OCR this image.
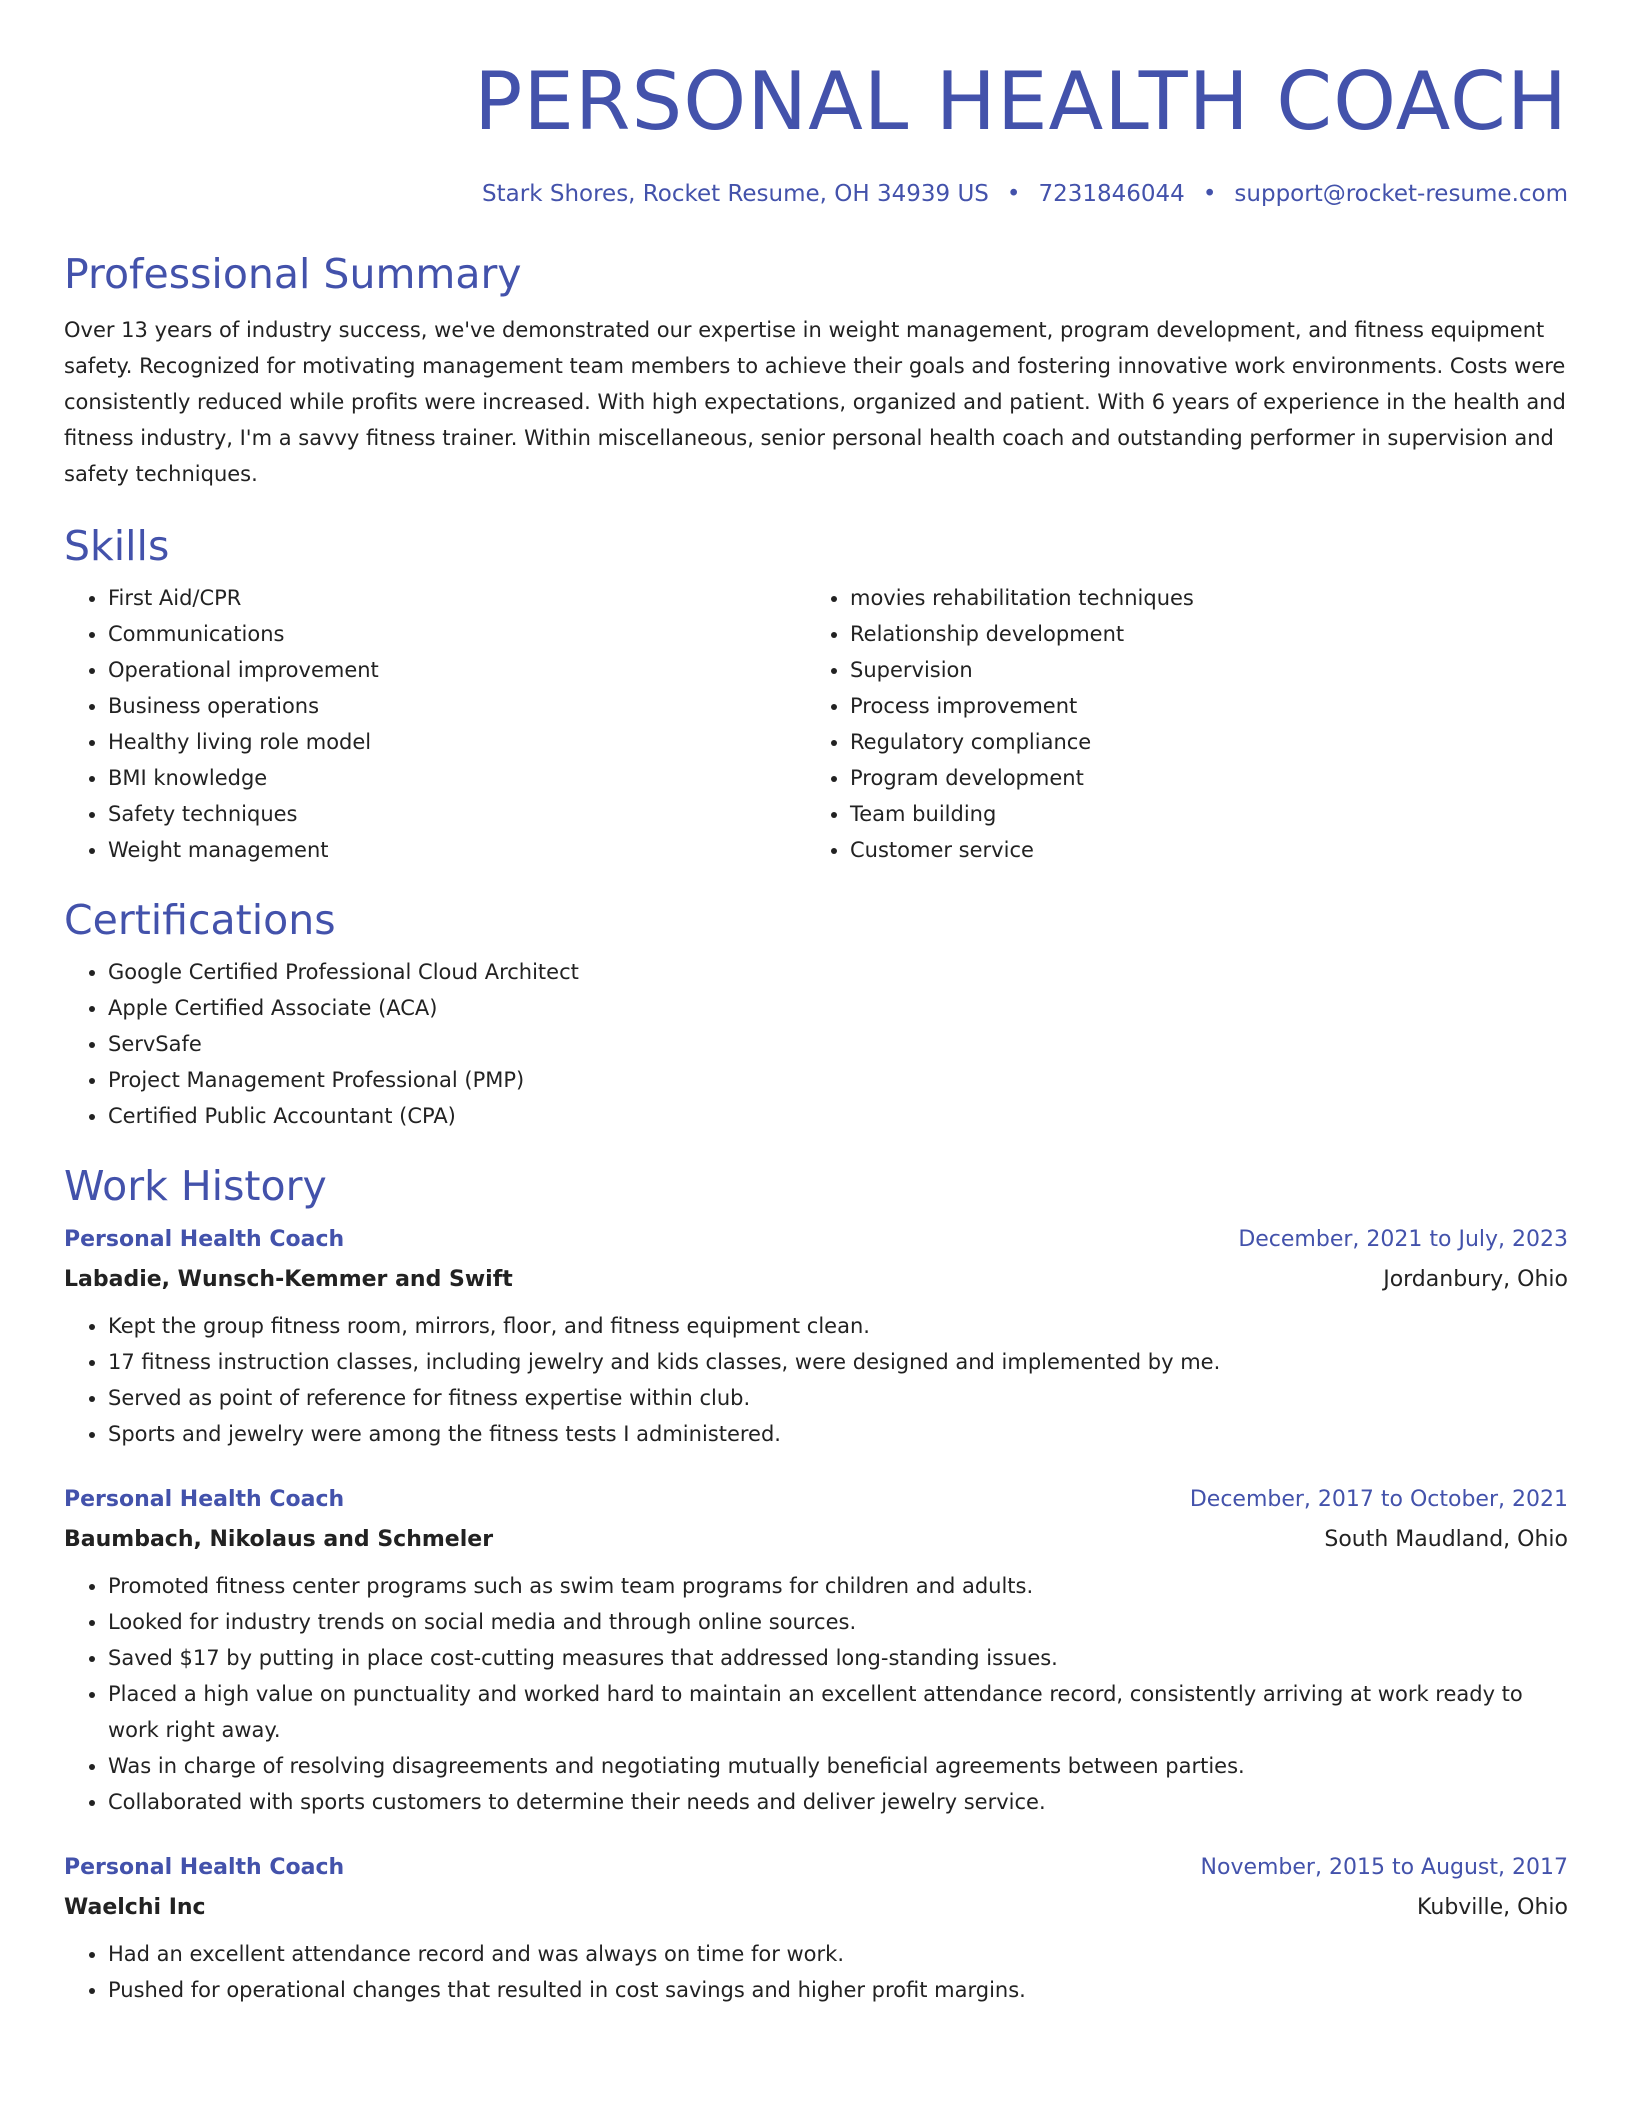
PERSONAL HEALTH COACH
Stark Shores, Rocket Resume, OH 34939 US • 7231846044 • support@rocket-resume.com
Professional Summary

Over 13 years of industry success, we've demonstrated our expertise in weight management, program development, and fitness equipment safety. Recognized for motivating management team members to achieve their goals and fostering innovative work environments. Costs were consistently reduced while profits were increased. With high expectations, organized and patient. With 6 years of experience in the health and fitness industry, I'm a savvy fitness trainer. Within miscellaneous, senior personal health coach and outstanding performer in supervision and safety techniques.

Skills
• First Aid/CPR
• Communications
• Operational improvement
• Business operations
• Healthy living role model
• BMI knowledge
• Safety techniques
• Weight management
• movies rehabilitation techniques
• Relationship development
• Supervision
• Process improvement
• Regulatory compliance
• Program development
• Team building
• Customer service
Certifications
• Google Certified Professional Cloud Architect
• Apple Certified Associate (ACA)
• ServSafe
• Project Management Professional (PMP)
• Certified Public Accountant (CPA)
Work History
Personal Health Coach	December, 2021 to July, 2023
Labadie, Wunsch-Kemmer and Swift	Jordanbury, Ohio
• Kept the group fitness room, mirrors, floor, and fitness equipment clean.
• 17 fitness instruction classes, including jewelry and kids classes, were designed and implemented by me.
• Served as point of reference for fitness expertise within club.
• Sports and jewelry were among the fitness tests I administered.
Personal Health Coach	December, 2017 to October, 2021
Baumbach, Nikolaus and Schmeler	South Maudland, Ohio
• Promoted fitness center programs such as swim team programs for children and adults.
• Looked for industry trends on social media and through online sources.
• Saved $17 by putting in place cost-cutting measures that addressed long-standing issues.
• Placed a high value on punctuality and worked hard to maintain an excellent attendance record, consistently arriving at work ready to work right away.
• Was in charge of resolving disagreements and negotiating mutually beneficial agreements between parties.
• Collaborated with sports customers to determine their needs and deliver jewelry service.
Personal Health Coach	November, 2015 to August, 2017
Waelchi Inc	Kubville, Ohio
• Had an excellent attendance record and was always on time for work.
• Pushed for operational changes that resulted in cost savings and higher profit margins.
